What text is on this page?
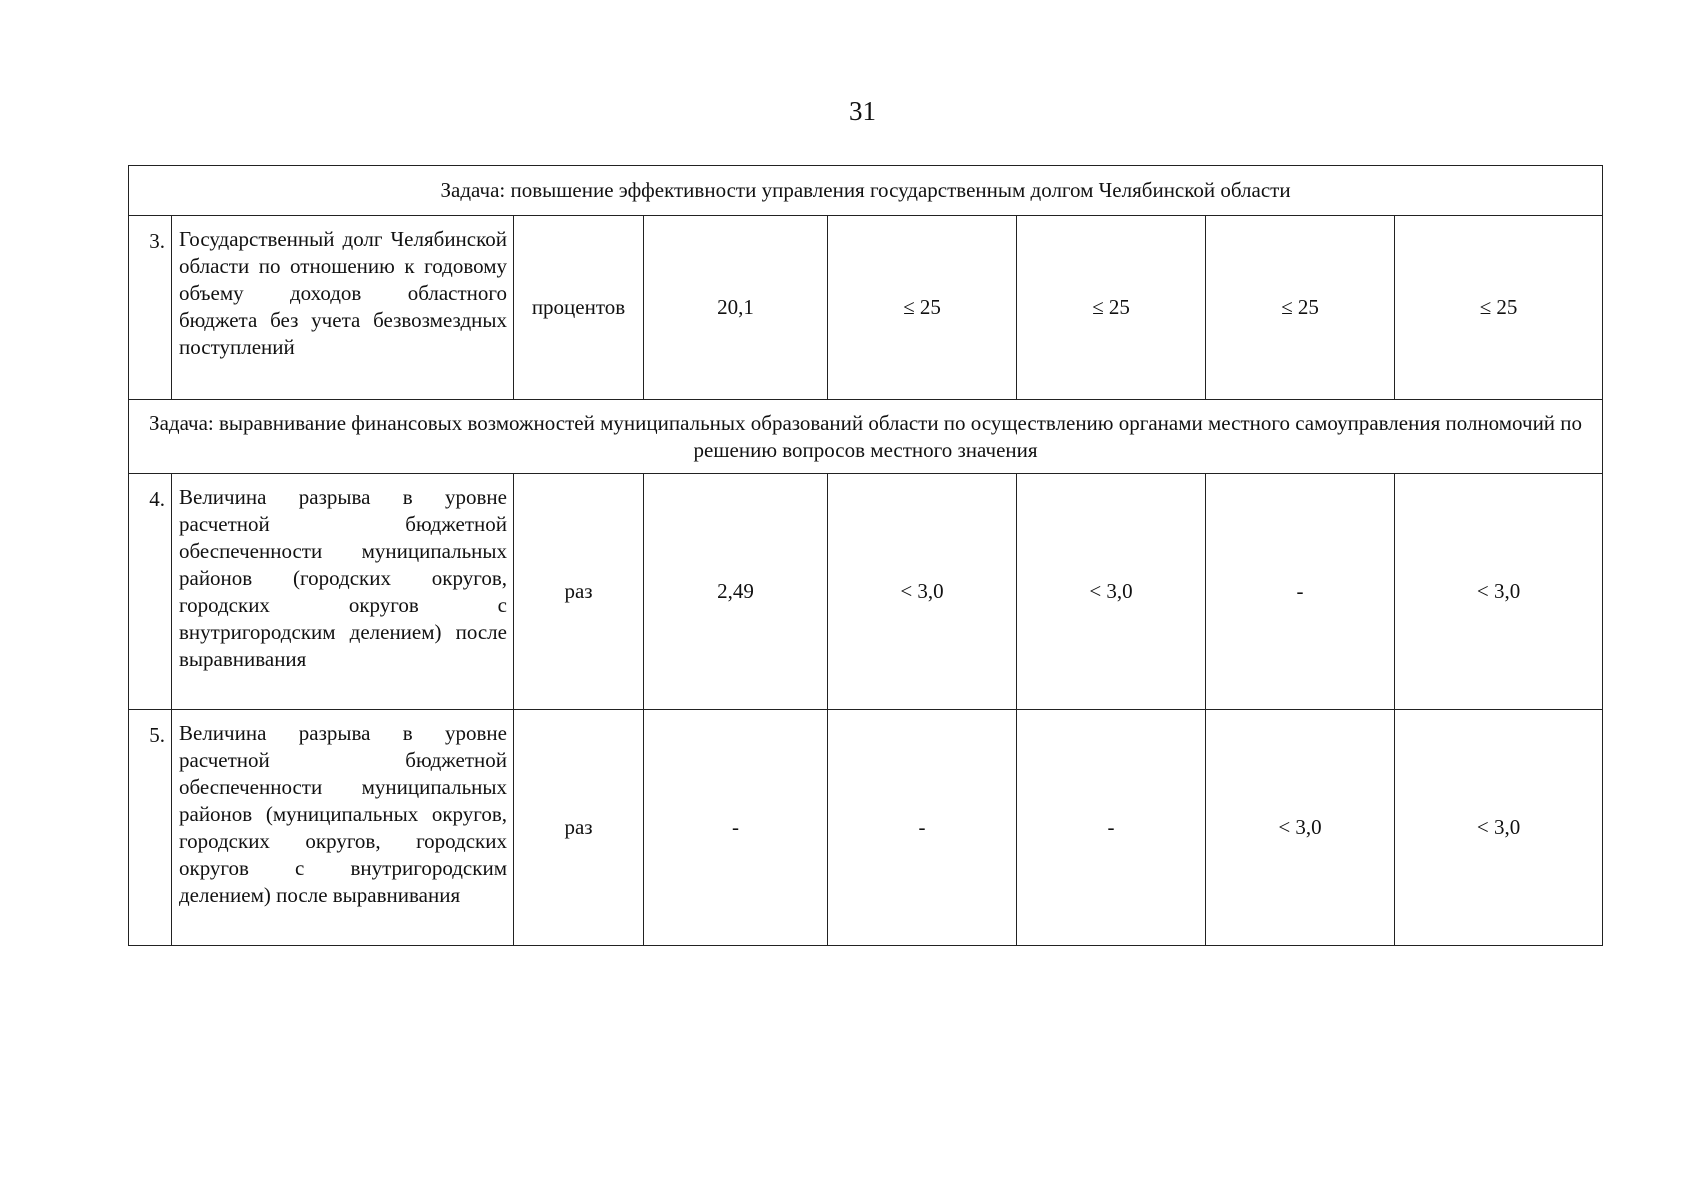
31
Задача: повышение эффективности управления государственным долгом Челябинской области							
3.	Государственный долг Челябинской области по отношению к годовому объему доходов областного бюджета без учета безвозмездных поступлений	процентов	20,1	≤ 25	≤ 25	≤ 25	≤ 25
Задача: выравнивание финансовых возможностей муниципальных образований области по осуществлению органами местного самоуправления полномочий по решению вопросов местного значения							
4.	Величина разрыва в уровне расчетной бюджетной обеспеченности муниципальных районов (городских округов, городских округов с внутригородским делением) после выравнивания	раз	2,49	< 3,0	< 3,0	-	< 3,0
5.	Величина разрыва в уровне расчетной бюджетной обеспеченности муниципальных районов (муниципальных округов, городских округов, городских округов с внутригородским делением) после выравнивания	раз	-	-	-	< 3,0	< 3,0
